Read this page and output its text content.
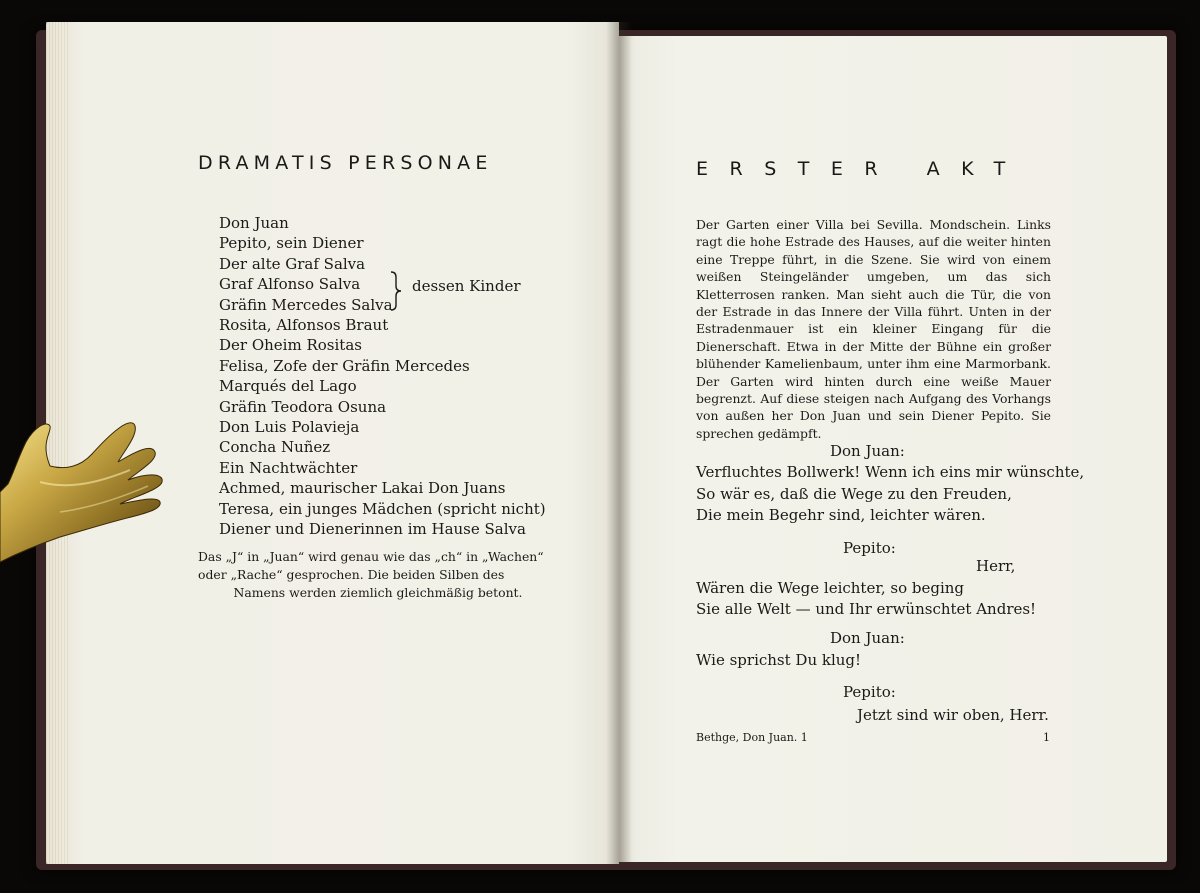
DRAMATIS PERSONAE
Don Juan
Pepito, sein Diener
Der alte Graf Salva
Graf Alfonso Salva
Gräfin Mercedes Salva
Rosita, Alfonsos Braut
Der Oheim Rositas
Felisa, Zofe der Gräfin Mercedes
Marqués del Lago
Gräfin Teodora Osuna
Don Luis Polavieja
Concha Nuñez
Ein Nachtwächter
Achmed, maurischer Lakai Don Juans
Teresa, ein junges Mädchen (spricht nicht)
Diener und Dienerinnen im Hause Salva
dessen Kinder
Das „J“ in „Juan“ wird genau wie das „ch“ in „Wachen“
oder „Rache“ gesprochen. Die beiden Silben des
Namens werden ziemlich gleichmäßig betont.
ERSTER AKT

Der Garten einer Villa bei Sevilla. Mondschein. Links ragt die hohe Estrade des Hauses, auf die weiter hinten eine Treppe führt, in die Szene. Sie wird von einem weißen Steingeländer umgeben, um das sich Kletterrosen ranken. Man sieht auch die Tür, die von der Estrade in das Innere der Villa führt. Unten in der Estradenmauer ist ein kleiner Eingang für die Dienerschaft. Etwa in der Mitte der Bühne ein großer blühender Kamelienbaum, unter ihm eine Marmorbank. Der Garten wird hinten durch eine weiße Mauer begrenzt. Auf diese steigen nach Aufgang des Vorhangs von außen her Don Juan und sein Diener Pepito. Sie sprechen gedämpft.

Don Juan:
Verfluchtes Bollwerk! Wenn ich eins mir wünschte,
So wär es, daß die Wege zu den Freuden,
Die mein Begehr sind, leichter wären.
Pepito:
Herr,
Wären die Wege leichter, so beging
Sie alle Welt — und Ihr erwünschtet Andres!
Don Juan:
Wie sprichst Du klug!
Pepito:
Jetzt sind wir oben, Herr.
Bethge, Don Juan. 1	1
